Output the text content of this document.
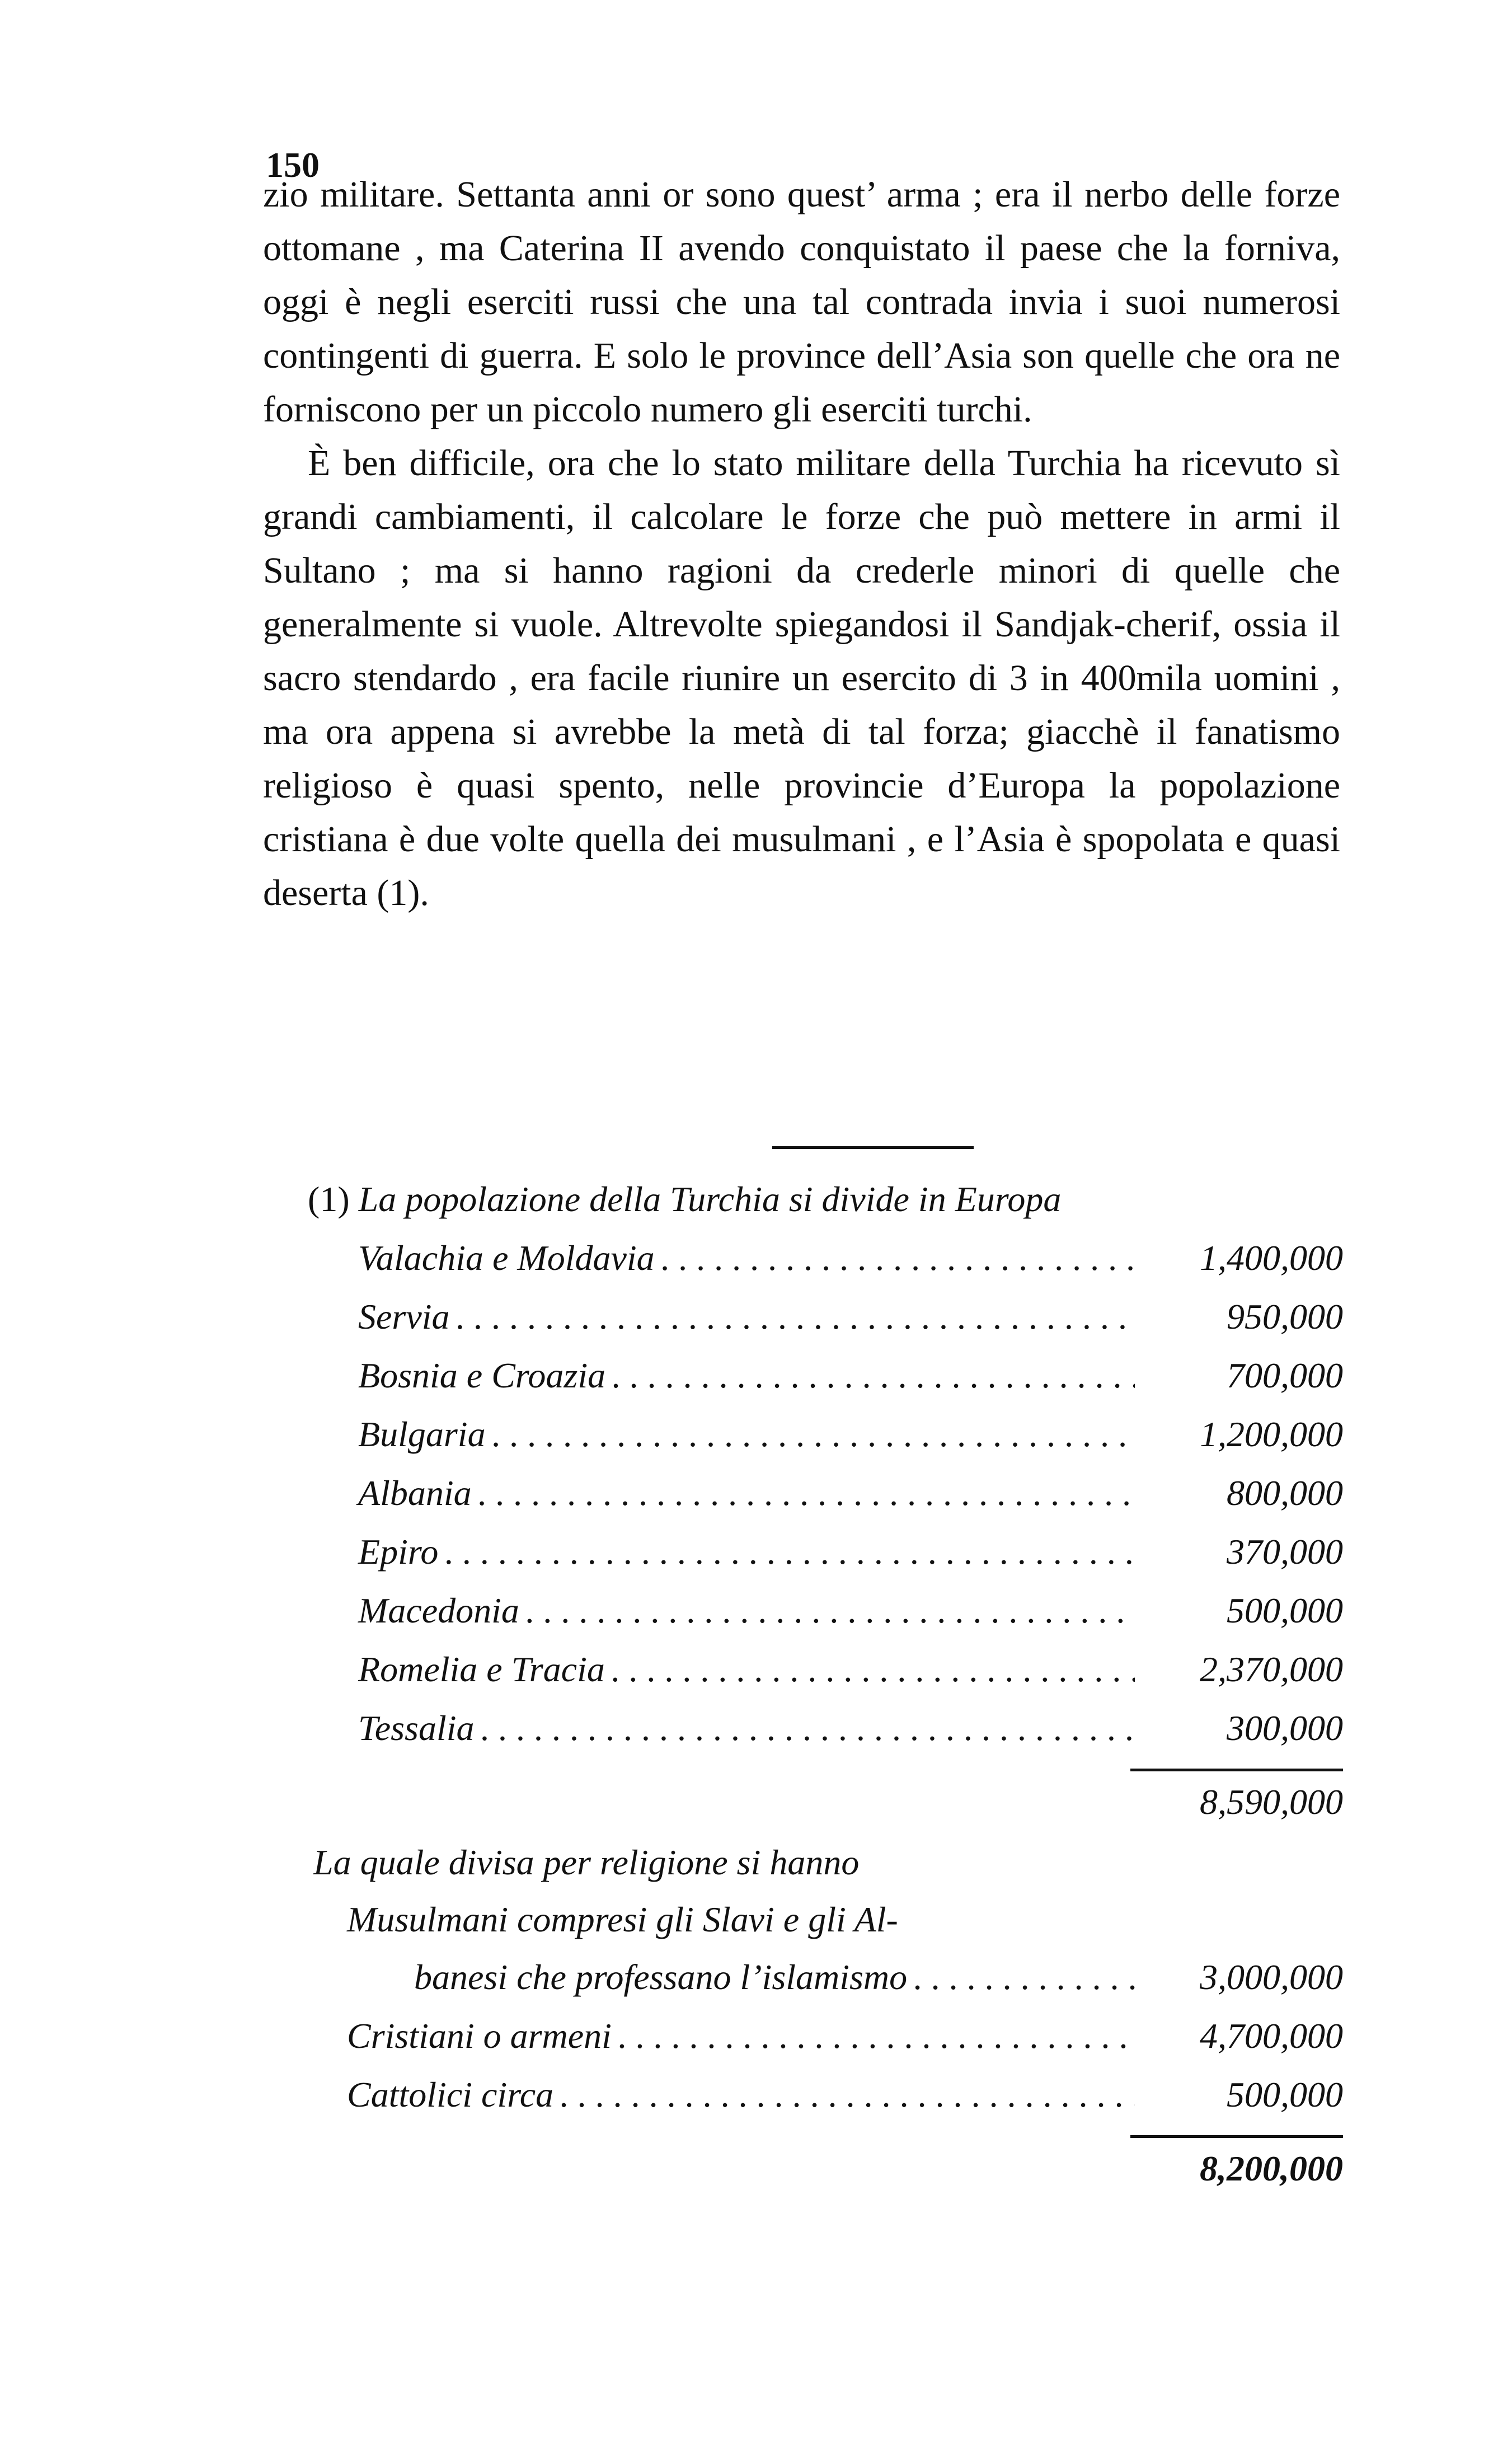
150

zio militare. Settanta anni or sono quest’ arma ; era il nerbo delle forze ottomane , ma Caterina II avendo conquistato il paese che la forniva, oggi è negli eserciti russi che una tal contrada invia i suoi numerosi contingenti di guerra. E solo le province dell’Asia son quelle che ora ne forniscono per un piccolo numero gli eserciti turchi.

È ben difficile, ora che lo stato militare della Turchia ha ricevuto sì grandi cambiamenti, il calcolare le forze che può mettere in armi il Sultano ; ma si hanno ragioni da crederle minori di quelle che generalmente si vuole. Altrevolte spiegandosi il Sandjak-cherif, ossia il sacro stendardo , era facile riunire un esercito di 3 in 400mila uomini , ma ora appena si avrebbe la metà di tal forza; giacchè il fanatismo religioso è quasi spento, nelle provincie d’Europa la popolazione cristiana è due volte quella dei musulmani , e l’Asia è spopolata e quasi deserta (1).

(1) La popolazione della Turchia si divide in Europa
Valachia e Moldavia . . .	1,400,000
Servia . . .	950,000
Bosnia e Croazia . . .	700,000
Bulgaria . . .	1,200,000
Albania . . .	800,000
Epiro . . .	370,000
Macedonia . . .	500,000
Romelia e Tracia . . .	2,370,000
Tessalia . . .	300,000
8,590,000
La quale divisa per religione si hanno
Musulmani compresi gli Slavi e gli Al-
banesi che professano l’islamismo . . .	3,000,000
Cristiani o armeni . . .	4,700,000
Cattolici circa . . .	500,000
8,200,000
